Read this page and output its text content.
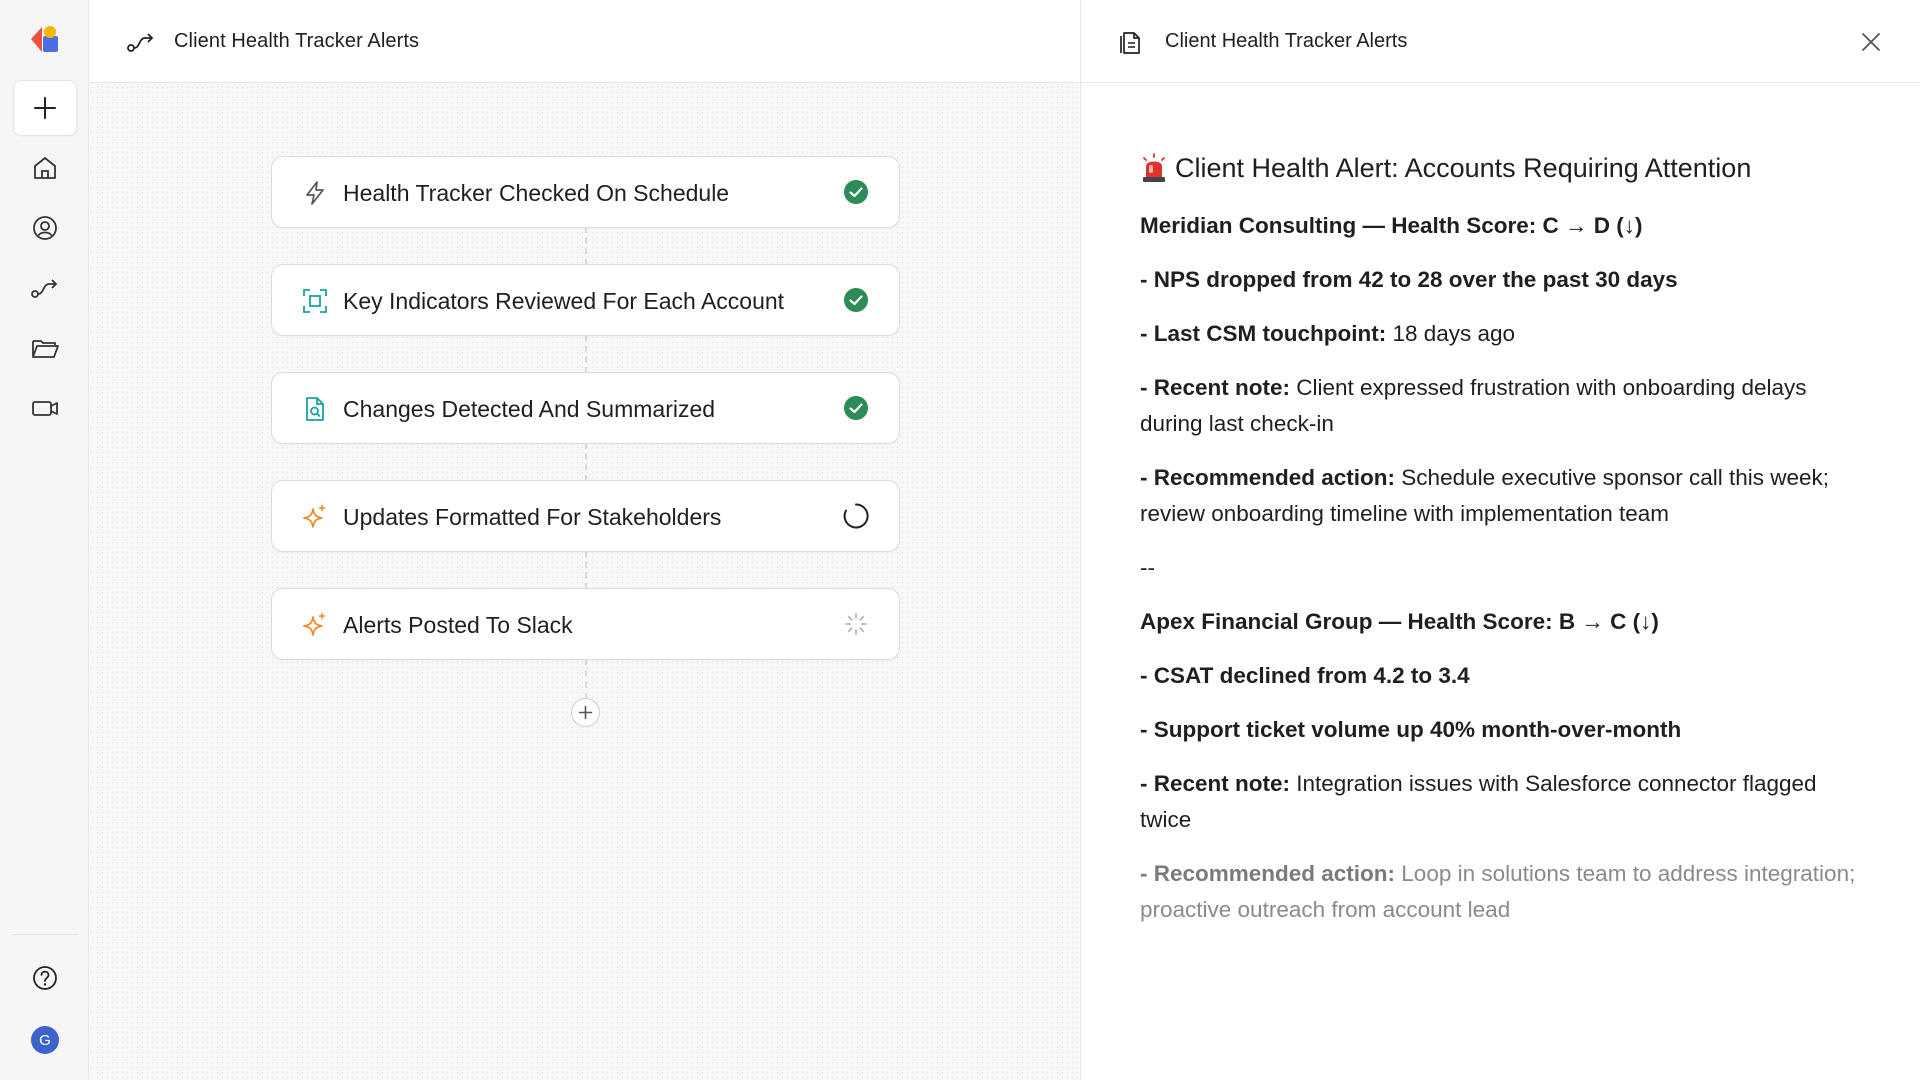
G
Client Health Tracker Alerts
Health Tracker Checked On Schedule
Key Indicators Reviewed For Each Account
Changes Detected And Summarized
Updates Formatted For Stakeholders
Alerts Posted To Slack
Client Health Tracker Alerts
Client Health Alert: Accounts Requiring Attention
Meridian Consulting — Health Score: C → D (↓)
- NPS dropped from 42 to 28 over the past 30 days
- Last CSM touchpoint: 18 days ago
- Recent note: Client expressed frustration with onboarding delays during last check-in
- Recommended action: Schedule executive sponsor call this week; review onboarding timeline with implementation team
--
Apex Financial Group — Health Score: B → C (↓)
- CSAT declined from 4.2 to 3.4
- Support ticket volume up 40% month-over-month
- Recent note: Integration issues with Salesforce connector flagged twice
- Recommended action: Loop in solutions team to address integration; proactive outreach from account lead
